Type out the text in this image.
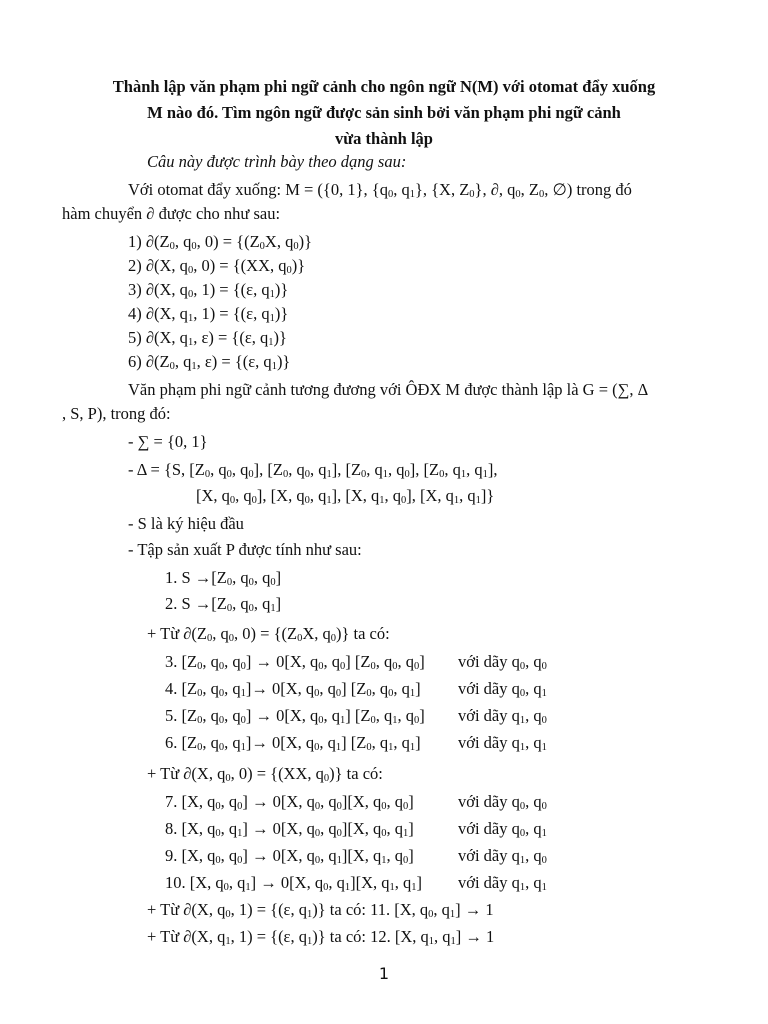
Thành lập văn phạm phi ngữ cảnh cho ngôn ngữ N(M) với otomat đẩy xuống
M nào đó. Tìm ngôn ngữ được sản sinh bởi văn phạm phi ngữ cảnh
vừa thành lập
Câu này được trình bày theo dạng sau:
Với otomat đẩy xuống: M = ({0, 1}, {$q_0$, $q_1$}, {X, $Z_0$}, ∂, $q_0$, $Z_0$, ∅) trong đó
hàm chuyển ∂ được cho như sau:
1) $\partial(Z_0$, $q_0$, $0) = \{(Z_0X$, $q_0$)}
2) ∂(X, $q_0$, 0) = {(XX, $q_0$)}
3) ∂(X, $q_0$, 1) = {(ε, $q_1$)}
4) ∂(X, $q_1$, 1) = {(ε, $q_1$)}
5) ∂(X, $q_1$, ε) = {(ε, $q_1$)}
6) $\partial(Z_0$, $q_1$, ε) = {(ε, $q_1$)}
Văn phạm phi ngữ cảnh tương đương với ÔĐX M được thành lập là G = (∑, Δ
, S, P), trong đó:
- ∑ = {0, 1}
- Δ = {S, [$Z_0$, $q_0$, $q_0$], [$Z_0$, $q_0$, $q_1$], [$Z_0$, $q_1$, $q_0$], [$Z_0$, $q_1$, $q_1$],
[X, $q_0$, $q_0$], [X, $q_0$, $q_1$], [X, $q_1$, $q_0$], [X, $q_1$, $q_1$]}
- S là ký hiệu đầu
- Tập sản xuất P được tính như sau:
1. $S \to[Z_0$, $q_0$, $q_0$]
2. $S \to[Z_0$, $q_0$, $q_1$]
+ Từ $\partial(Z_0$, $q_0$, $0) = \{(Z_0X$, $q_0$)} ta có:
3. [$Z_0$, $q_0$, $q_0] \to 0[X$, $q_0$, $q_0$] [$Z_0$, $q_0$, $q_0$] với dãy $q_0$, $q_0$
4. [$Z_0$, $q_0$, $q_1]\to 0[X$, $q_0$, $q_0$] [$Z_0$, $q_0$, $q_1$] với dãy $q_0$, $q_1$
5. [$Z_0$, $q_0$, $q_0] \to 0[X$, $q_0$, $q_1$] [$Z_0$, $q_1$, $q_0$] với dãy $q_1$, $q_0$
6. [$Z_0$, $q_0$, $q_1]\to 0[X$, $q_0$, $q_1$] [$Z_0$, $q_1$, $q_1$] với dãy $q_1$, $q_1$
+ Từ ∂(X, $q_0$, 0) = {(XX, $q_0$)} ta có:
7. [X, $q_0$, $q_0] \to 0[X$, $q_0$, $q_0][X$, $q_0$, $q_0$]	với dãy $q_0$, $q_0$
8. [X, $q_0$, $q_1] \to 0[X$, $q_0$, $q_0][X$, $q_0$, $q_1$]	với dãy $q_0$, $q_1$
9. [X, $q_0$, $q_0] \to 0[X$, $q_0$, $q_1][X$, $q_1$, $q_0$]	với dãy $q_1$, $q_0$
10. [X, $q_0$, $q_1] \to 0[X$, $q_0$, $q_1][X$, $q_1$, $q_1$] với dãy $q_1$, $q_1$
+ Từ ∂(X, $q_0$, 1) = {(ε, $q_1$)} ta có: 11. [X, $q_0$, $q_1] \to 1$
+ Từ ∂(X, $q_1$, 1) = {(ε, $q_1$)} ta có: 12. [X, $q_1$, $q_1] \to 1$
1
